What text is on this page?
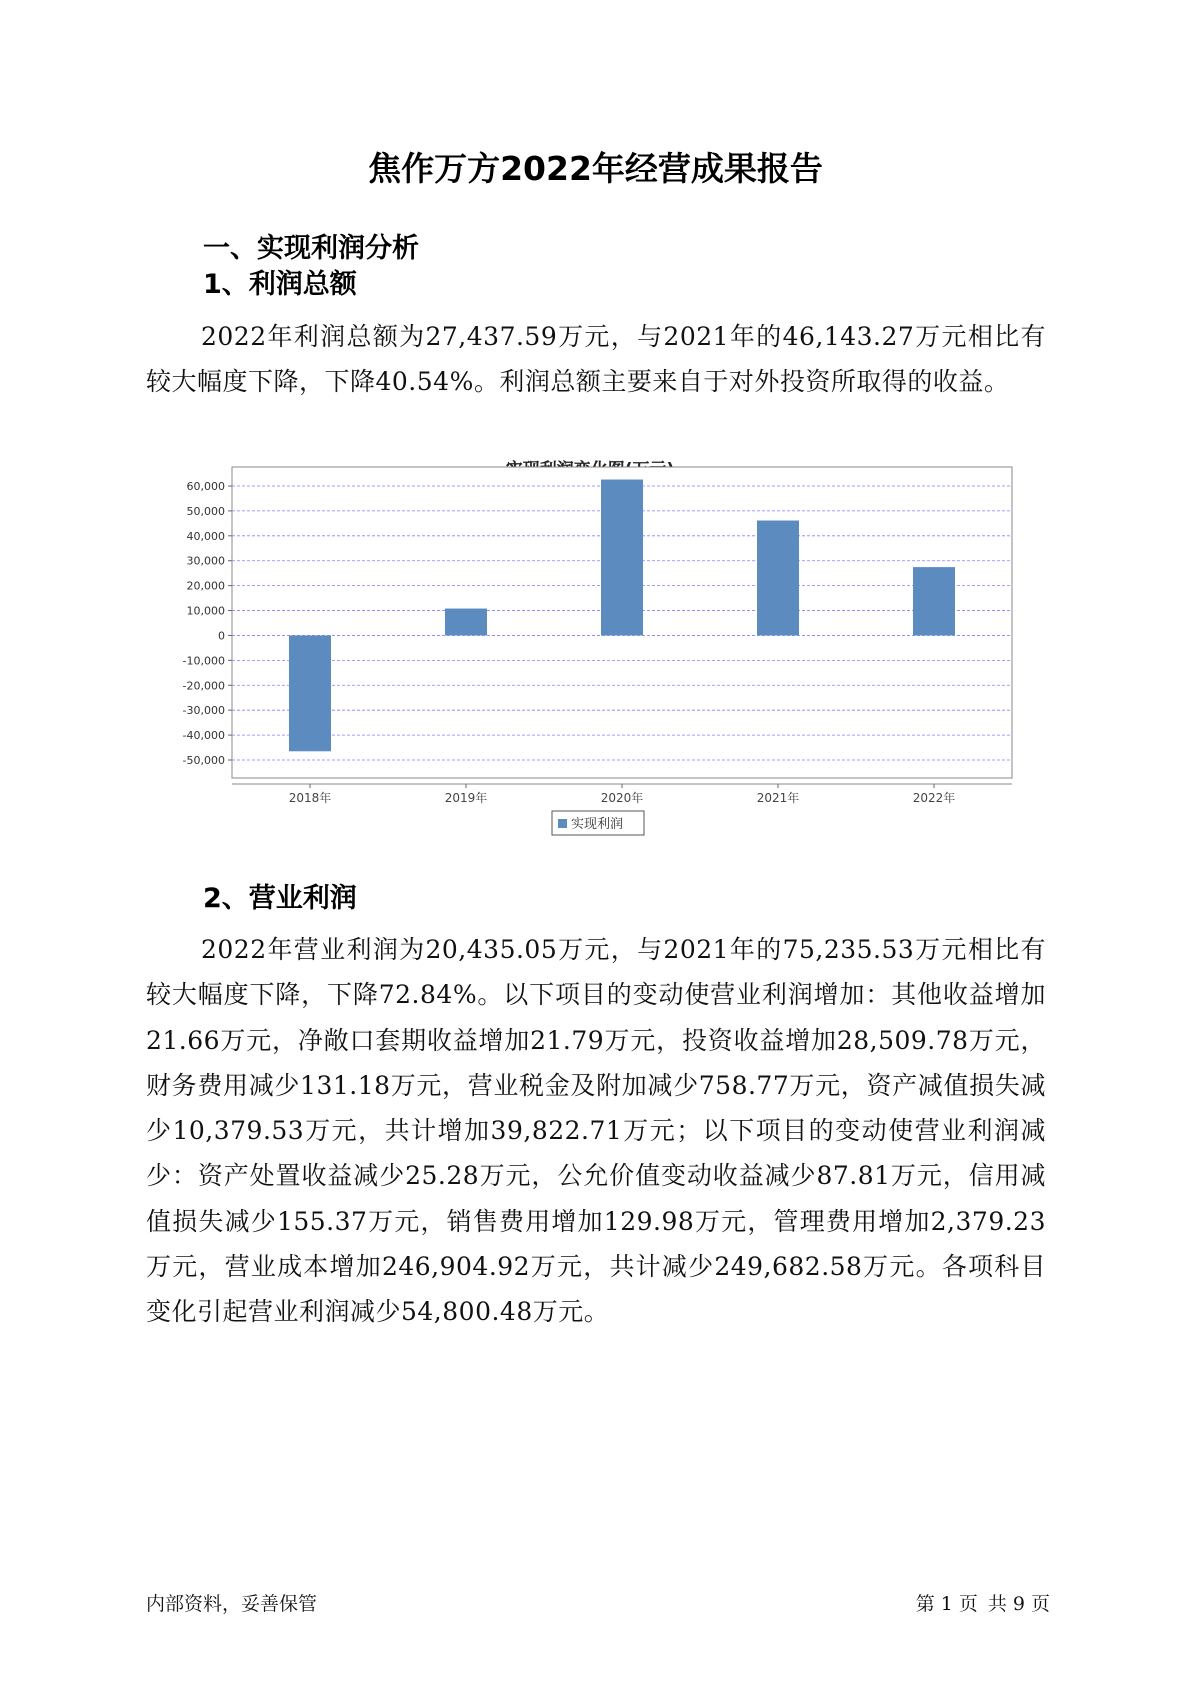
焦作万方2022年经营成果报告
一、实现利润分析
1、利润总额

2022年利润总额为27,437.59万元，与2021年的46,143.27万元相比有较大幅度下降，下降40.54%。利润总额主要来自于对外投资所取得的收益。

60,000
50,000
40,000
30,000
20,000
10,000
0
-10,000
-20,000
-30,000
-40,000
-50,000
2018年	2019年	2020年	2021年	2022年
实现利润
2、营业利润

2022年营业利润为20,435.05万元，与2021年的75,235.53万元相比有较大幅度下降，下降72.84%。以下项目的变动使营业利润增加：其他收益增加21.66万元，净敞口套期收益增加21.79万元，投资收益增加28,509.78万元，财务费用减少131.18万元，营业税金及附加减少758.77万元，资产减值损失减少10,379.53万元，共计增加39,822.71万元；以下项目的变动使营业利润减少：资产处置收益减少25.28万元，公允价值变动收益减少87.81万元，信用减值损失减少155.37万元，销售费用增加129.98万元，管理费用增加2,379.23万元，营业成本增加246,904.92万元，共计减少249,682.58万元。各项科目变化引起营业利润减少54,800.48万元。

内部资料，妥善保管	第 1 页 共 9 页
